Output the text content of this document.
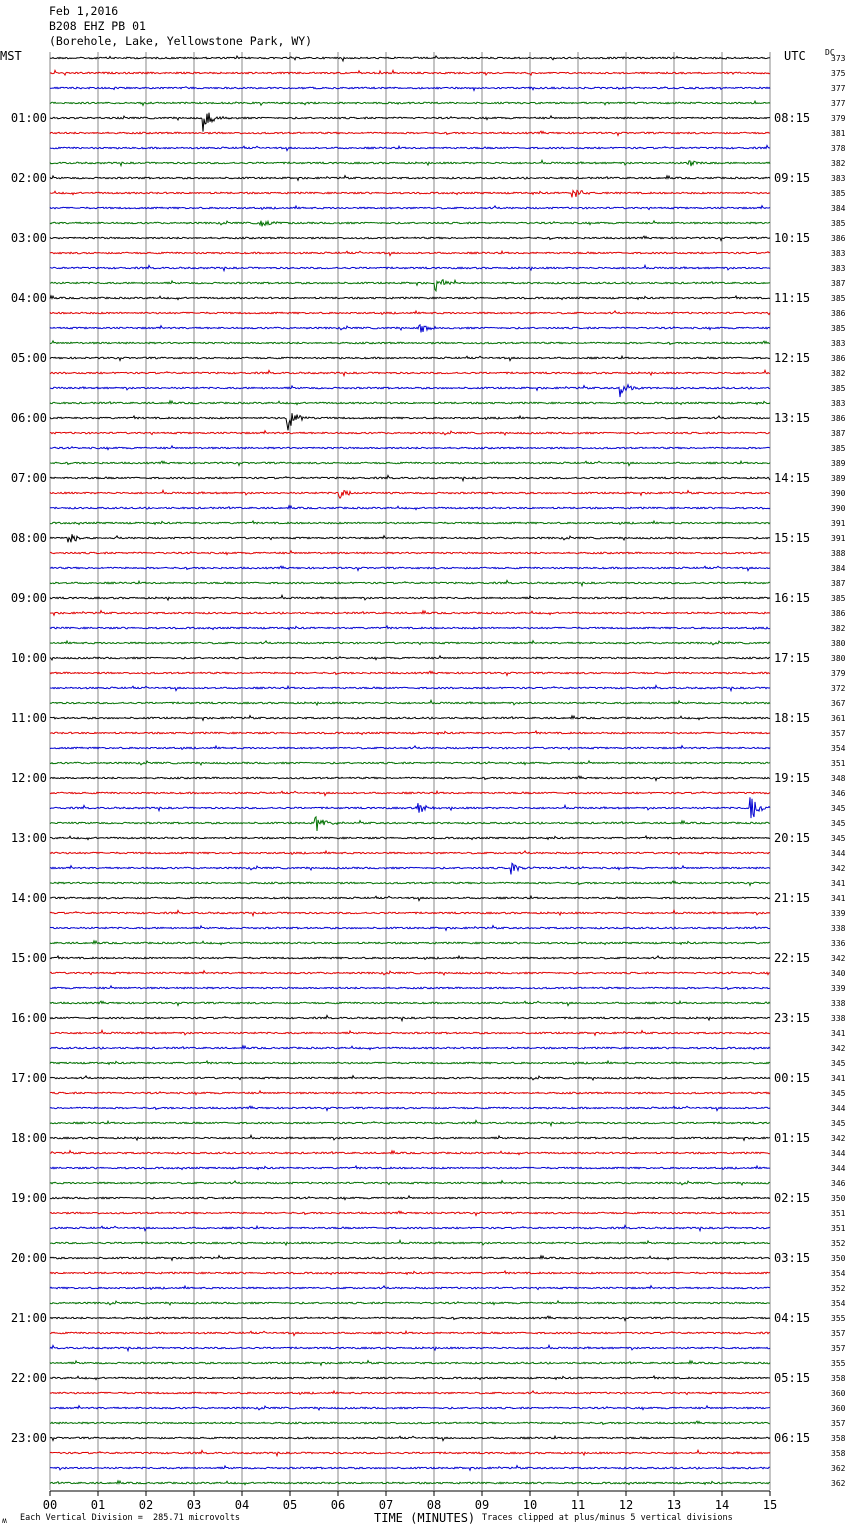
00	01	02	03	04	05	06	07	08	09	10	11	12	13	14	15
01:00
02:00
03:00
04:00
05:00
06:00
07:00
08:00
09:00
10:00
11:00
12:00
13:00
14:00
15:00
16:00
17:00
18:00
19:00
20:00
21:00
22:00
23:00
08:15
09:15
10:15
11:15
12:15
13:15
14:15
15:15
16:15
17:15
18:15
19:15
20:15
21:15
22:15
23:15
00:15
01:15
02:15
03:15
04:15
05:15
06:15
373
375
377
377
379
381
378
382
383
385
384
385
386
383
383
387
385
386
385
383
386
382
385
383
386
387
385
389
389
390
390
391
391
388
384
387
385
386
382
380
380
379
372
367
361
357
354
351
348
346
345
345
345
344
342
341
341
339
338
336
342
340
339
338
338
341
342
345
341
345
344
345
342
344
344
346
350
351
351
352
350
354
352
354
355
357
357
355
358
360
360
357
358
358
362
362
Feb 1,2016
B208 EHZ PB 01
(Borehole, Lake, Yellowstone Park, WY)
MST	UTC DC
ʍ Each Vertical Division =  285.71 microvolts	TIME (MINUTES) Traces clipped at plus/minus 5 vertical divisions
